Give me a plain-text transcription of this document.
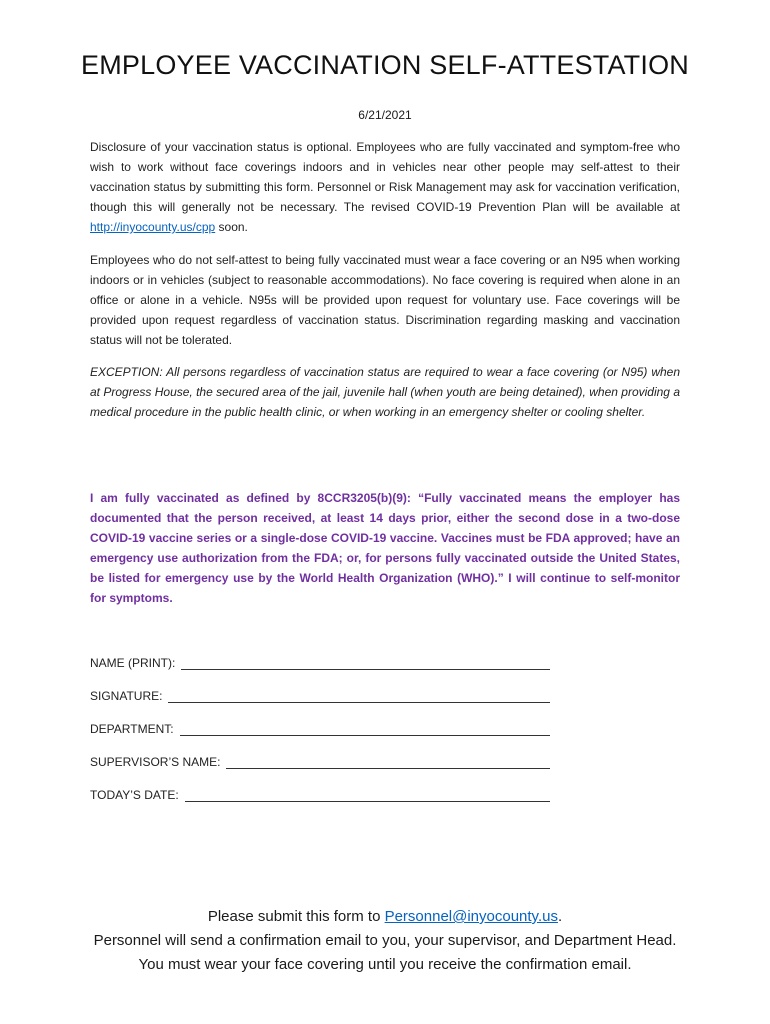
EMPLOYEE VACCINATION SELF-ATTESTATION
6/21/2021
Disclosure of your vaccination status is optional. Employees who are fully vaccinated and symptom-free who wish to work without face coverings indoors and in vehicles near other people may self-attest to their vaccination status by submitting this form. Personnel or Risk Management may ask for vaccination verification, though this will generally not be necessary. The revised COVID-19 Prevention Plan will be available at http://inyocounty.us/cpp soon.
Employees who do not self-attest to being fully vaccinated must wear a face covering or an N95 when working indoors or in vehicles (subject to reasonable accommodations). No face covering is required when alone in an office or alone in a vehicle. N95s will be provided upon request for voluntary use. Face coverings will be provided upon request regardless of vaccination status. Discrimination regarding masking and vaccination status will not be tolerated.
EXCEPTION: All persons regardless of vaccination status are required to wear a face covering (or N95) when at Progress House, the secured area of the jail, juvenile hall (when youth are being detained), when providing a medical procedure in the public health clinic, or when working in an emergency shelter or cooling shelter.
I am fully vaccinated as defined by 8CCR3205(b)(9): “Fully vaccinated means the employer has documented that the person received, at least 14 days prior, either the second dose in a two-dose COVID-19 vaccine series or a single-dose COVID-19 vaccine. Vaccines must be FDA approved; have an emergency use authorization from the FDA; or, for persons fully vaccinated outside the United States, be listed for emergency use by the World Health Organization (WHO).” I will continue to self-monitor for symptoms.
NAME (PRINT):
SIGNATURE:
DEPARTMENT:
SUPERVISOR’S NAME:
TODAY’S DATE:
Please submit this form to Personnel@inyocounty.us.
Personnel will send a confirmation email to you, your supervisor, and Department Head.
You must wear your face covering until you receive the confirmation email.
